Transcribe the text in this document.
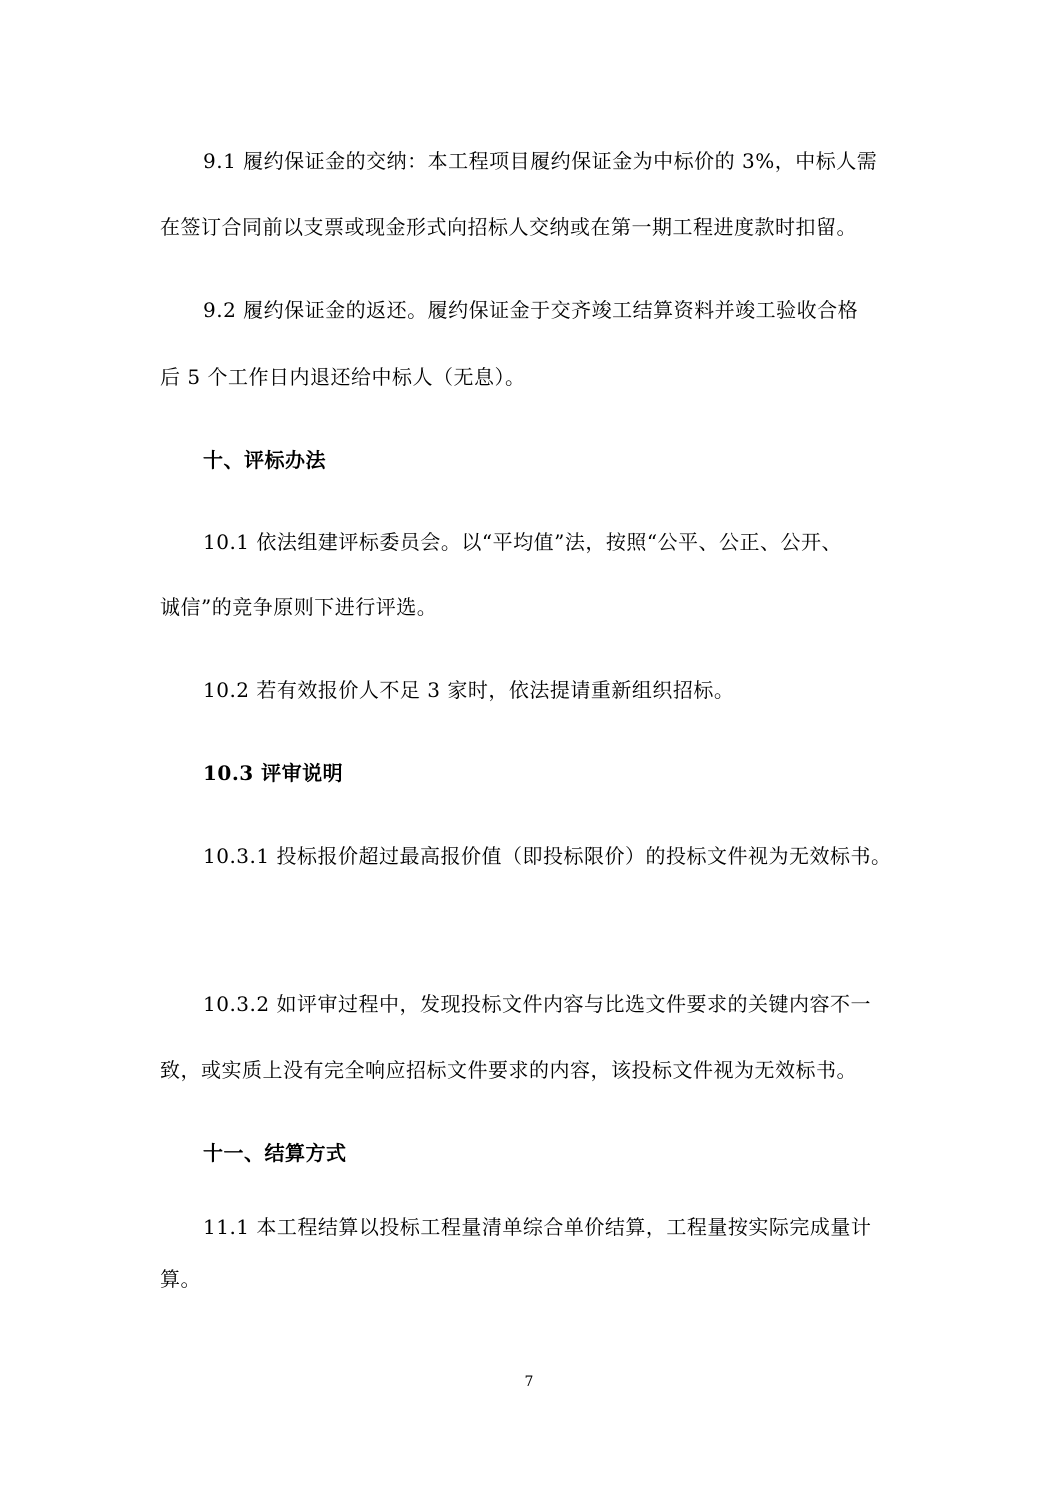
9.1 履约保证金的交纳：本工程项目履约保证金为中标价的 3%，中标人需
在签订合同前以支票或现金形式向招标人交纳或在第一期工程进度款时扣留。
9.2 履约保证金的返还。履约保证金于交齐竣工结算资料并竣工验收合格
后 5 个工作日内退还给中标人（无息）。
十、评标办法
10.1 依法组建评标委员会。以“平均值”法，按照“公平、公正、公开、
诚信”的竞争原则下进行评选。
10.2 若有效报价人不足 3 家时，依法提请重新组织招标。
10.3 评审说明
10.3.1 投标报价超过最高报价值（即投标限价）的投标文件视为无效标书。
10.3.2 如评审过程中，发现投标文件内容与比选文件要求的关键内容不一
致，或实质上没有完全响应招标文件要求的内容，该投标文件视为无效标书。
十一、结算方式
11.1 本工程结算以投标工程量清单综合单价结算，工程量按实际完成量计
算。
7
